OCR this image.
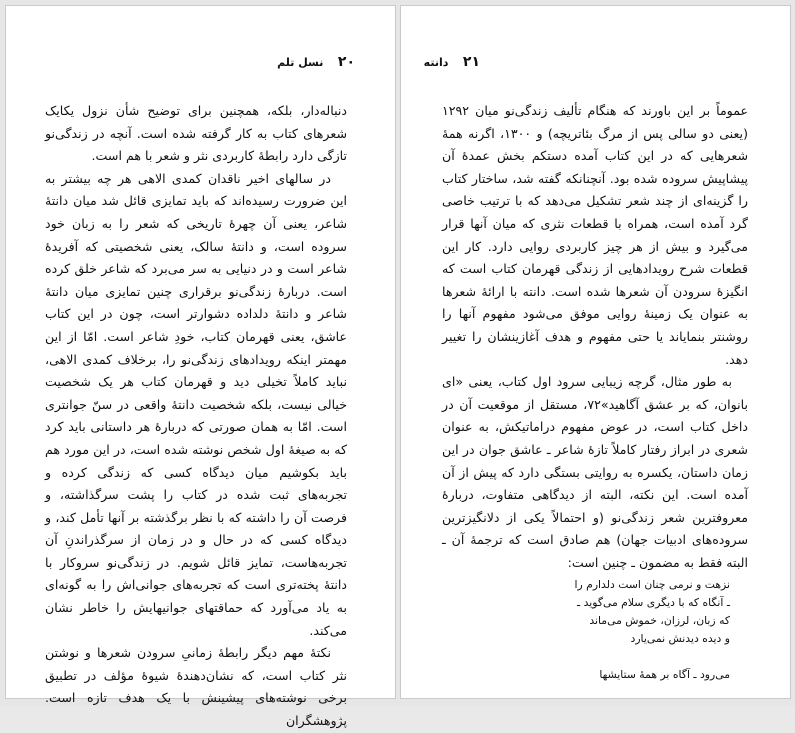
۲۰ نسل تلم

دنباله‌دار، بلکه، همچنین برای توضیح شأن نزول یکایک شعرهای کتاب به کار گرفته شده است. آنچه در زندگی‌نو تازگی دارد رابطهٔ کاربردی نثر و شعر با هم است.

در سالهای اخیر ناقدان کمدی الاهی هر چه بیشتر به این ضرورت رسیده‌اند که باید تمایزی قائل شد میان دانتهٔ شاعر، یعنی آن چهرهٔ تاریخی که شعر را به زبان خود سروده است، و دانتهٔ سالک، یعنی شخصیتی که آفریدهٔ شاعر است و در دنیایی به سر می‌برد که شاعر خلق کرده است. دربارهٔ زندگی‌نو برقراری چنین تمایزی میان دانتهٔ شاعر و دانتهٔ دلداده دشوارتر است، چون در این کتاب عاشق، یعنی قهرمان کتاب، خودِ شاعر است. امّا از این مهمتر اینکه رویدادهای زندگی‌نو را، برخلاف کمدی الاهی، نباید کاملاً تخیلی دید و قهرمان کتاب هر یک شخصیت خیالی نیست، بلکه شخصیت دانتهٔ واقعی در سنّ جوانتری است. امّا به همان صورتی که دربارهٔ هر داستانی باید کرد که به صیغهٔ اول شخص نوشته شده است، در این مورد هم باید بکوشیم میان دیدگاه کسی که زندگی کرده و تجربه‌های ثبت شده در کتاب را پشت سرگذاشته، و فرصت آن را داشته که با نظر برگذشته بر آنها تأمل کند، و دیدگاه کسی که در حال و در زمان از سرگذراندنِ آن تجربه‌هاست، تمایز قائل شویم. در زندگی‌نو سروکار با دانتهٔ پخته‌تری است که تجربه‌های جوانی‌اش را به گونه‌ای به یاد می‌آورد که حماقتهای جوانیهایش را خاطر نشان می‌کند.

نکتهٔ مهم دیگر رابطهٔ زمانیِ سرودن شعرها و نوشتن نثر کتاب است، که نشان‌دهندهٔ شیوهٔ مؤلف در تطبیق برخی نوشته‌های پیشینش با یک هدف تازه است. پژوهشگران

۲۱ دانته

عموماً بر این باورند که هنگام تألیف زندگی‌نو میان ۱۲۹۲ (یعنی دو سالی پس از مرگ بئاتریچه) و ۱۳۰۰، اگرنه همهٔ شعرهایی که در این کتاب آمده دستکم بخش عمدهٔ آن پیشاپیش سروده شده بود. آنچنانکه گفته شد، ساختار کتاب را گزینه‌ای از چند شعر تشکیل می‌دهد که با ترتیب خاصی گرد آمده است، همراه با قطعات نثری که میان آنها قرار می‌گیرد و بیش از هر چیز کاربردی روایی دارد. کار این قطعات شرح رویدادهایی از زندگی قهرمان کتاب است که انگیزهٔ سرودن آن شعرها شده است. دانته با ارائهٔ شعرها به عنوان یک زمینهٔ روایی موفق می‌شود مفهوم آنها را روشنتر بنمایاند یا حتی مفهوم و هدف آغازینشان را تغییر دهد.

به طور مثال، گرچه زیبایی سرود اول کتاب، یعنی «ای بانوان، که بر عشق آگاهید»۷۲، مستقل از موقعیت آن در داخل کتاب است، در عوض مفهوم دراماتیکش، به عنوان شعری در ابراز رفتار کاملاً تازهٔ شاعر ـ عاشق جوان در این زمان داستان، یکسره به روایتی بستگی دارد که پیش از آن آمده است. این نکته، البته از دیدگاهی متفاوت، دربارهٔ معروفترین شعر زندگی‌نو (و احتمالاً یکی از دلانگیزترین سروده‌های ادبیات جهان) هم صادق است که ترجمهٔ آن ـ البته فقط به مضمون ـ چنین است:

نزهت و نرمی چنان است دلدارم را
ـ آنگاه که با دیگری سلام می‌گوید ـ
که زبان، لرزان، خموش می‌ماند
و دیده دیدنش نمی‌یارد
می‌رود ـ آگاه بر همهٔ ستایشها
